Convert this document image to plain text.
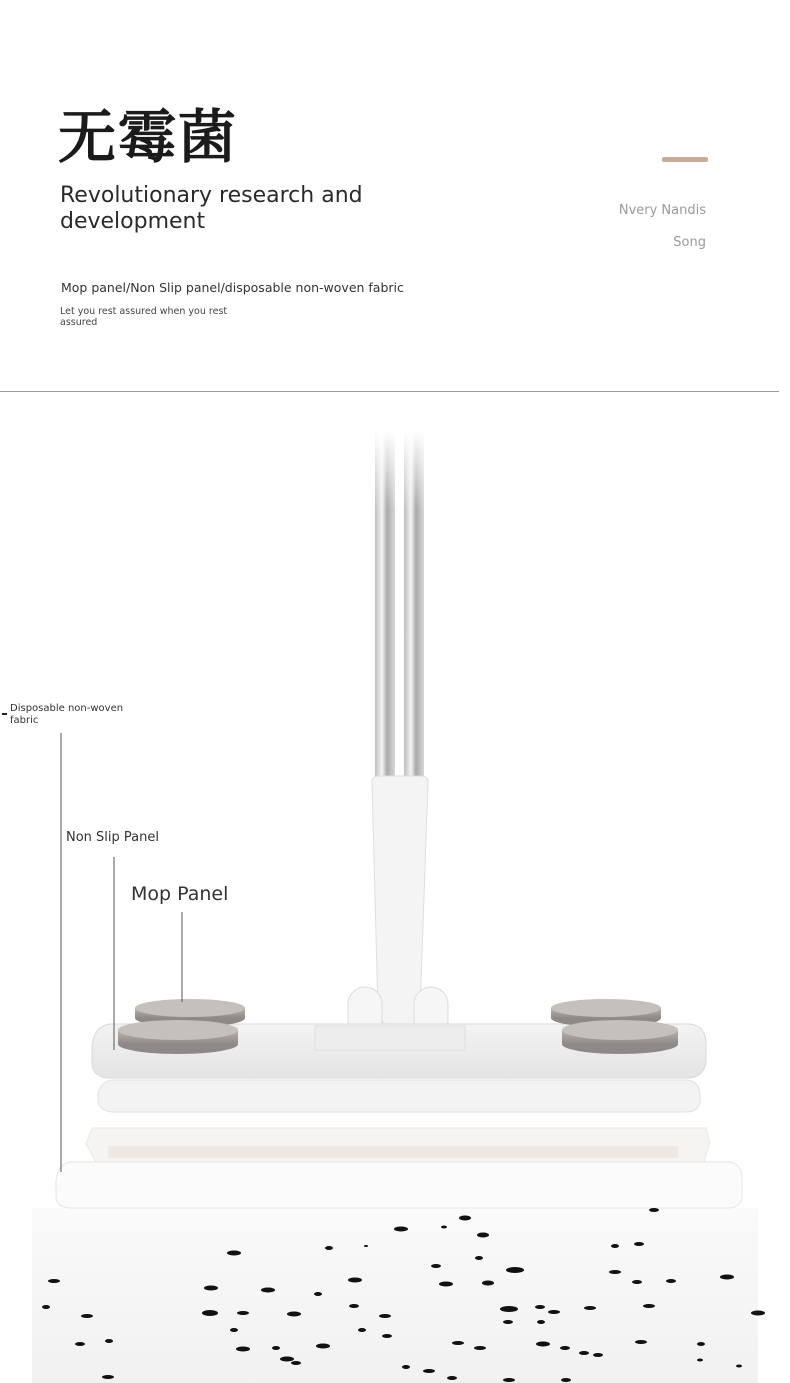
无霉菌
Revolutionary research and development
Mop panel/Non Slip panel/disposable non-woven fabric
Let you rest assured when you rest assured
Nvery Nandis
Song
Disposable non-woven fabric
Non Slip Panel
Mop Panel
